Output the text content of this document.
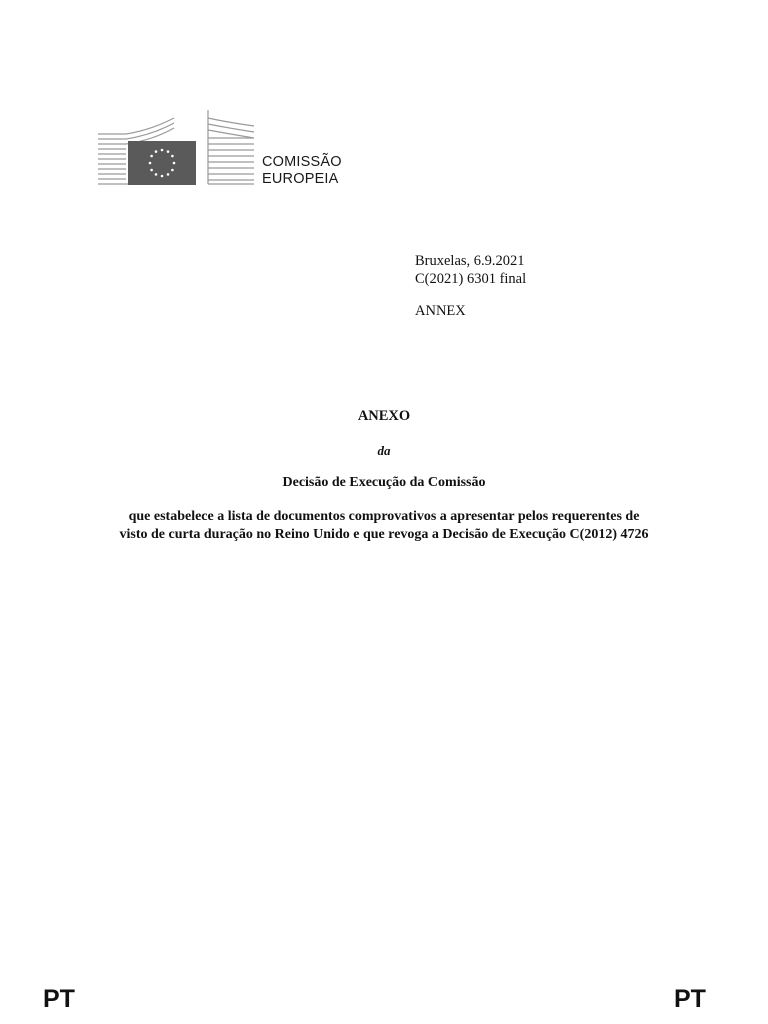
COMISSÃO
EUROPEIA
Bruxelas, 6.9.2021
C(2021) 6301 final
ANNEX
ANEXO
da
Decisão de Execução da Comissão
que estabelece a lista de documentos comprovativos a apresentar pelos requerentes de
visto de curta duração no Reino Unido e que revoga a Decisão de Execução C(2012) 4726
PT	PT
